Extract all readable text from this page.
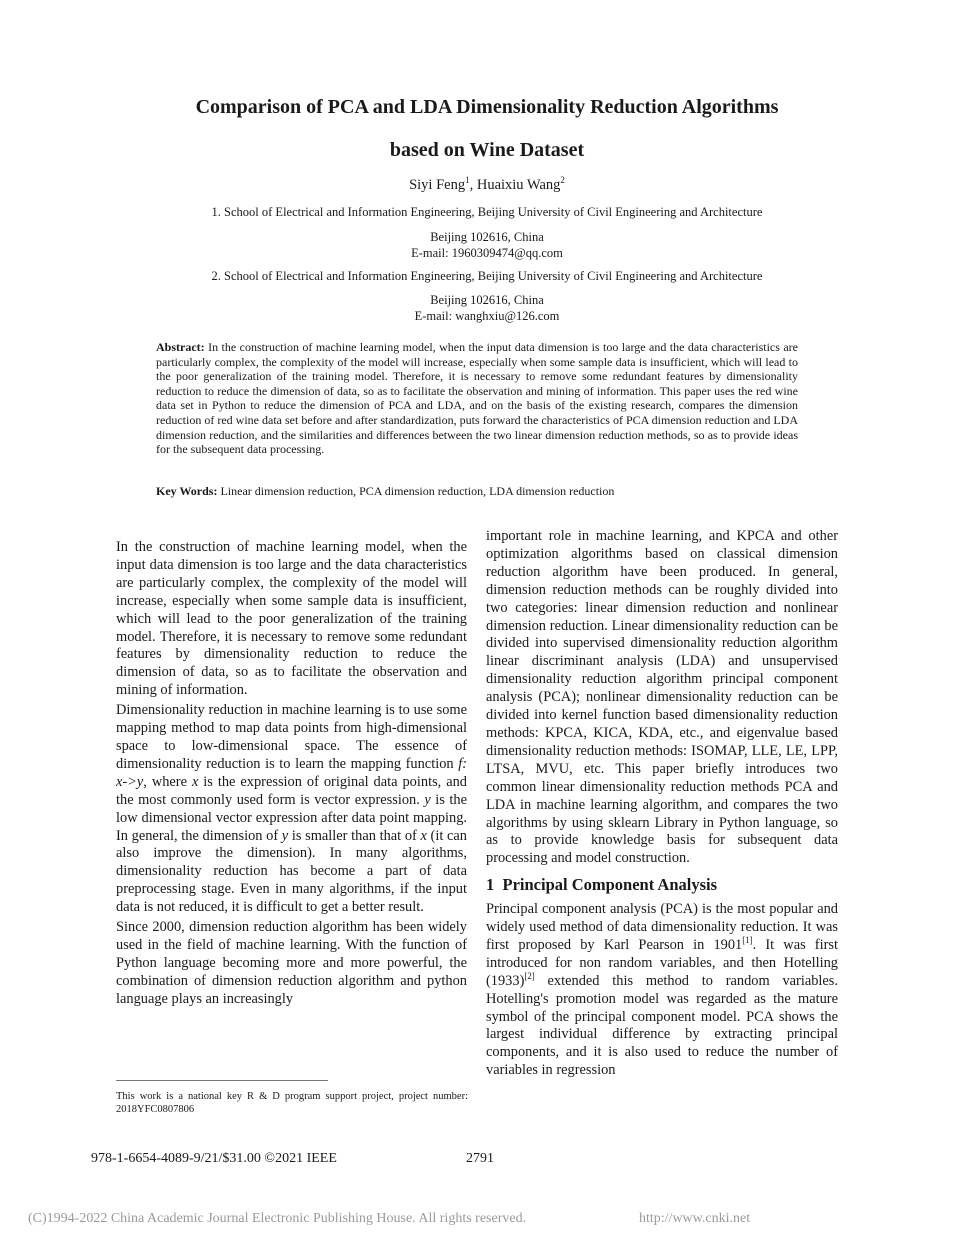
Comparison of PCA and LDA Dimensionality Reduction Algorithms
based on Wine Dataset
Siyi Feng$^1$, Huaixiu Wang$^2$
1. School of Electrical and Information Engineering, Beijing University of Civil Engineering and Architecture
Beijing 102616, China
E-mail: 1960309474@qq.com
2. School of Electrical and Information Engineering, Beijing University of Civil Engineering and Architecture
Beijing 102616, China
E-mail: wanghxiu@126.com
Abstract: In the construction of machine learning model, when the input data dimension is too large and the data characteristics are particularly complex, the complexity of the model will increase, especially when some sample data is insufficient, which will lead to the poor generalization of the training model. Therefore, it is necessary to remove some redundant features by dimensionality reduction to reduce the dimension of data, so as to facilitate the observation and mining of information. This paper uses the red wine data set in Python to reduce the dimension of PCA and LDA, and on the basis of the existing research, compares the dimension reduction of red wine data set before and after standardization, puts forward the characteristics of PCA dimension reduction and LDA dimension reduction, and the similarities and differences between the two linear dimension reduction methods, so as to provide ideas for the subsequent data processing.
Key Words: Linear dimension reduction, PCA dimension reduction, LDA dimension reduction

In the construction of machine learning model, when the input data dimension is too large and the data characteristics are particularly complex, the complexity of the model will increase, especially when some sample data is insufficient, which will lead to the poor generalization of the training model. Therefore, it is necessary to remove some redundant features by dimensionality reduction to reduce the dimension of data, so as to facilitate the observation and mining of information.

Dimensionality reduction in machine learning is to use some mapping method to map data points from high-dimensional space to low-dimensional space. The essence of dimensionality reduction is to learn the mapping function f: x->y, where x is the expression of original data points, and the most commonly used form is vector expression. y is the low dimensional vector expression after data point mapping. In general, the dimension of y is smaller than that of x (it can also improve the dimension). In many algorithms, dimensionality reduction has become a part of data preprocessing stage. Even in many algorithms, if the input data is not reduced, it is difficult to get a better result.

Since 2000, dimension reduction algorithm has been widely used in the field of machine learning. With the function of Python language becoming more and more powerful, the combination of dimension reduction algorithm and python language plays an increasingly

important role in machine learning, and KPCA and other optimization algorithms based on classical dimension reduction algorithm have been produced. In general, dimension reduction methods can be roughly divided into two categories: linear dimension reduction and nonlinear dimension reduction. Linear dimensionality reduction can be divided into supervised dimensionality reduction algorithm linear discriminant analysis (LDA) and unsupervised dimensionality reduction algorithm principal component analysis (PCA); nonlinear dimensionality reduction can be divided into kernel function based dimensionality reduction methods: KPCA, KICA, KDA, etc., and eigenvalue based dimensionality reduction methods: ISOMAP, LLE, LE, LPP, LTSA, MVU, etc. This paper briefly introduces two common linear dimensionality reduction methods PCA and LDA in machine learning algorithm, and compares the two algorithms by using sklearn Library in Python language, so as to provide knowledge basis for subsequent data processing and model construction.

1 Principal Component Analysis

Principal component analysis (PCA) is the most popular and widely used method of data dimensionality reduction. It was first proposed by Karl Pearson in 1901[1]. It was first introduced for non random variables, and then Hotelling (1933)[2] extended this method to random variables. Hotelling's promotion model was regarded as the mature symbol of the principal component model. PCA shows the largest individual difference by extracting principal components, and it is also used to reduce the number of variables in regression

This work is a national key R & D program support project, project number: 2018YFC0807806
978-1-6654-4089-9/21/$31.00 ©2021 IEEE	2791
(C)1994-2022 China Academic Journal Electronic Publishing House. All rights reserved.	http://www.cnki.net
